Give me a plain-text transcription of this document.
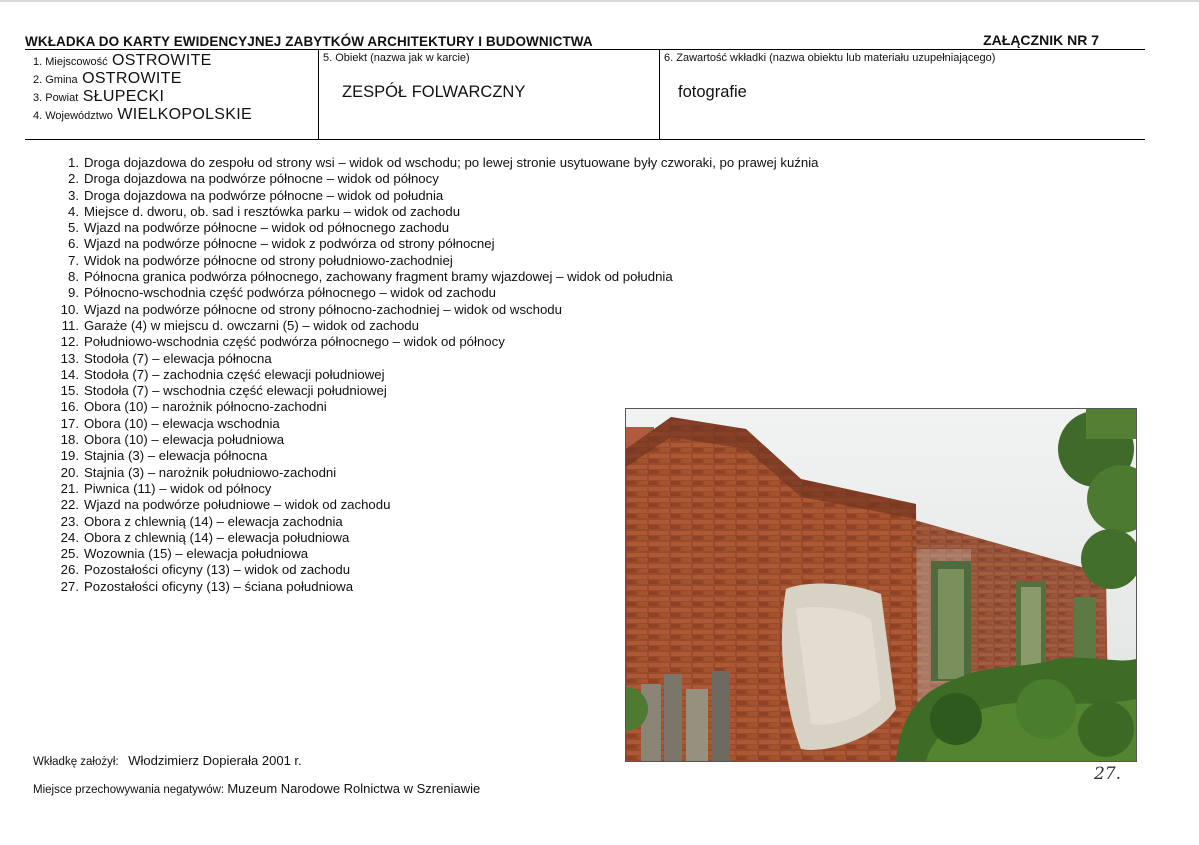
WKŁADKA DO KARTY EWIDENCYJNEJ ZABYTKÓW ARCHITEKTURY I BUDOWNICTWA	ZAŁĄCZNIK NR 7
1. Miejscowość OSTROWITE
2. Gmina OSTROWITE
3. Powiat SŁUPECKI
4. Województwo WIELKOPOLSKIE
5. Obiekt (nazwa jak w karcie)
ZESPÓŁ FOLWARCZNY
6. Zawartość wkładki (nazwa obiektu lub materiału uzupełniającego)
fotografie
1. Droga dojazdowa do zespołu od strony wsi – widok od wschodu; po lewej stronie usytuowane były czworaki, po prawej kuźnia
2. Droga dojazdowa na podwórze północne – widok od północy
3. Droga dojazdowa na podwórze północne – widok od południa
4. Miejsce d. dworu, ob. sad i resztówka parku – widok od zachodu
5. Wjazd na podwórze północne – widok od północnego zachodu
6. Wjazd na podwórze północne – widok z podwórza od strony północnej
7. Widok na podwórze północne od strony południowo-zachodniej
8. Północna granica podwórza północnego, zachowany fragment bramy wjazdowej – widok od południa
9. Północno-wschodnia część podwórza północnego – widok od zachodu
10. Wjazd na podwórze północne od strony północno-zachodniej – widok od wschodu
11. Garaże (4) w miejscu d. owczarni (5) – widok od zachodu
12. Południowo-wschodnia część podwórza północnego – widok od północy
13. Stodoła (7) – elewacja północna
14. Stodoła (7) – zachodnia część elewacji południowej
15. Stodoła (7) – wschodnia część elewacji południowej
16. Obora (10) – narożnik północno-zachodni
17. Obora (10) – elewacja wschodnia
18. Obora (10) – elewacja południowa
19. Stajnia (3) – elewacja północna
20. Stajnia (3) – narożnik południowo-zachodni
21. Piwnica (11) – widok od północy
22. Wjazd na podwórze południowe – widok od zachodu
23. Obora z chlewnią (14) – elewacja zachodnia
24. Obora z chlewnią (14) – elewacja południowa
25. Wozownia (15) – elewacja południowa
26. Pozostałości oficyny (13) – widok od zachodu
27. Pozostałości oficyny (13) – ściana południowa
Wkładkę założył: Włodzimierz Dopierała 2001 r.
Miejsce przechowywania negatywów: Muzeum Narodowe Rolnictwa w Szreniawie
27.
